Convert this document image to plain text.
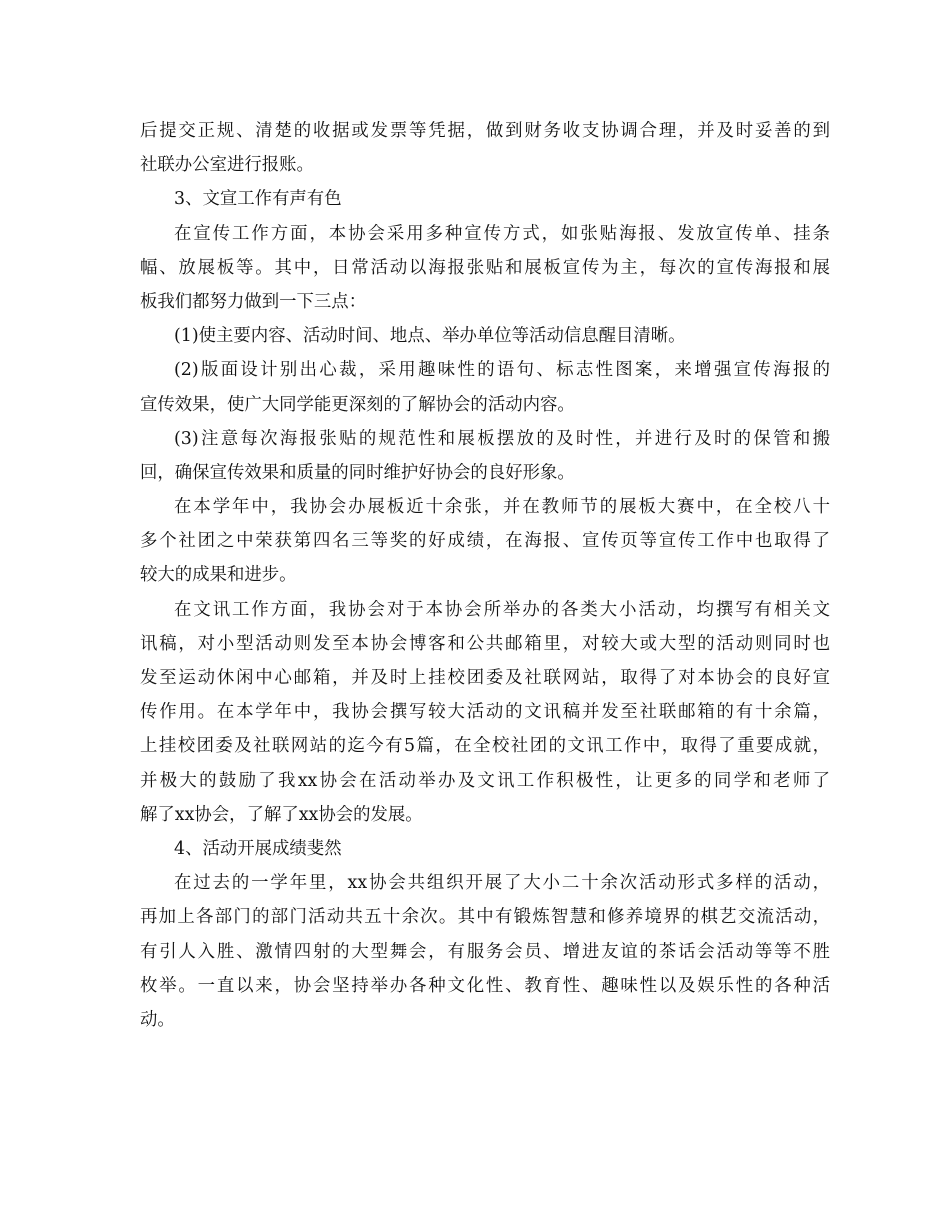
后提交正规、清楚的收据或发票等凭据，做到财务收支协调合理，并及时妥善的到
社联办公室进行报账。
3、文宣工作有声有色
在宣传工作方面，本协会采用多种宣传方式，如张贴海报、发放宣传单、挂条
幅、放展板等。其中，日常活动以海报张贴和展板宣传为主，每次的宣传海报和展
板我们都努力做到一下三点：
(1)使主要内容、活动时间、地点、举办单位等活动信息醒目清晰。
(2)版面设计别出心裁，采用趣味性的语句、标志性图案，来增强宣传海报的
宣传效果，使广大同学能更深刻的了解协会的活动内容。
(3)注意每次海报张贴的规范性和展板摆放的及时性，并进行及时的保管和搬
回，确保宣传效果和质量的同时维护好协会的良好形象。
在本学年中，我协会办展板近十余张，并在教师节的展板大赛中，在全校八十
多个社团之中荣获第四名三等奖的好成绩，在海报、宣传页等宣传工作中也取得了
较大的成果和进步。
在文讯工作方面，我协会对于本协会所举办的各类大小活动，均撰写有相关文
讯稿，对小型活动则发至本协会博客和公共邮箱里，对较大或大型的活动则同时也
发至运动休闲中心邮箱，并及时上挂校团委及社联网站，取得了对本协会的良好宣
传作用。在本学年中，我协会撰写较大活动的文讯稿并发至社联邮箱的有十余篇，
上挂校团委及社联网站的迄今有5篇，在全校社团的文讯工作中，取得了重要成就，
并极大的鼓励了我xx协会在活动举办及文讯工作积极性，让更多的同学和老师了
解了xx协会，了解了xx协会的发展。
4、活动开展成绩斐然
在过去的一学年里，xx协会共组织开展了大小二十余次活动形式多样的活动，
再加上各部门的部门活动共五十余次。其中有锻炼智慧和修养境界的棋艺交流活动，
有引人入胜、激情四射的大型舞会，有服务会员、增进友谊的茶话会活动等等不胜
枚举。一直以来，协会坚持举办各种文化性、教育性、趣味性以及娱乐性的各种活
动。
